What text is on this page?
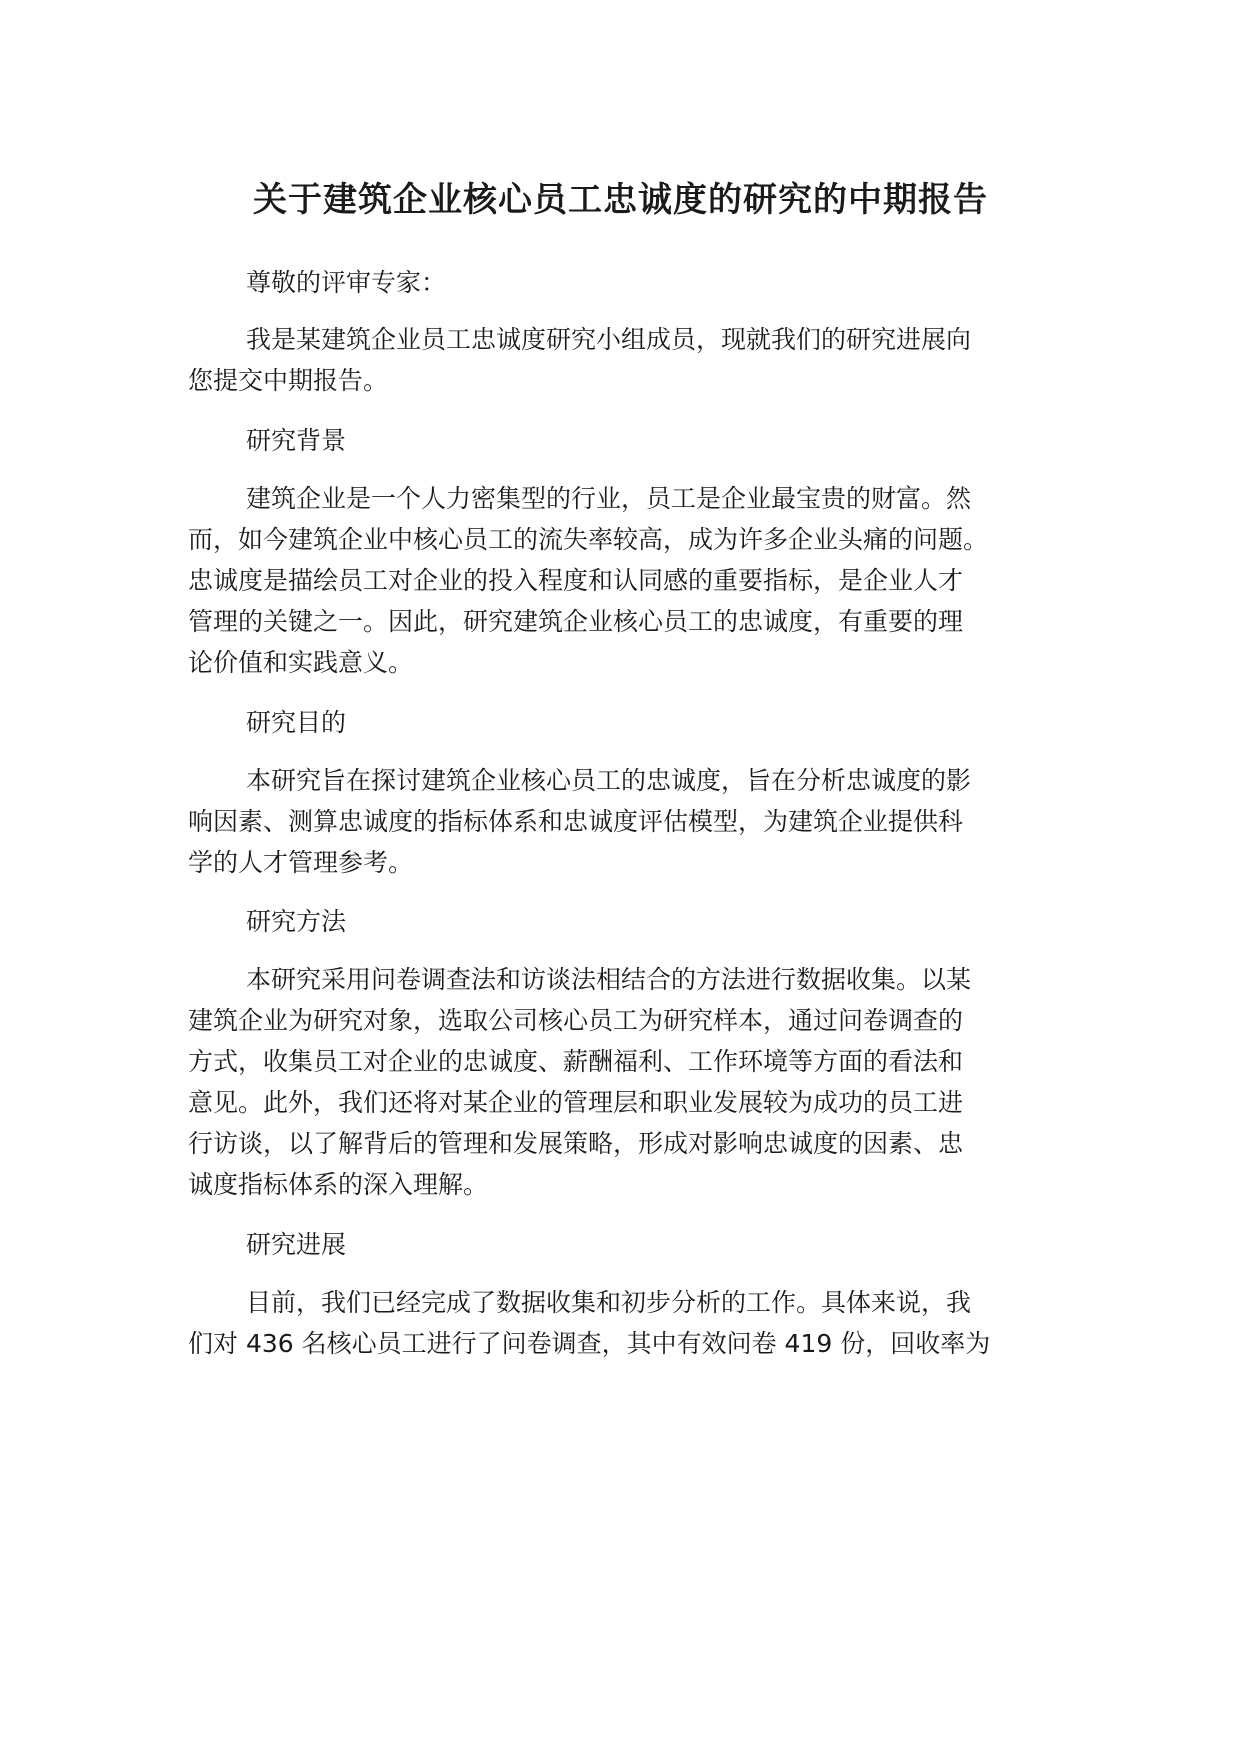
关于建筑企业核心员工忠诚度的研究的中期报告

尊敬的评审专家：

我是某建筑企业员工忠诚度研究小组成员，现就我们的研究进展向

您提交中期报告。

研究背景

建筑企业是一个人力密集型的行业，员工是企业最宝贵的财富。然

而，如今建筑企业中核心员工的流失率较高，成为许多企业头痛的问题。

忠诚度是描绘员工对企业的投入程度和认同感的重要指标，是企业人才

管理的关键之一。因此，研究建筑企业核心员工的忠诚度，有重要的理

论价值和实践意义。

研究目的

本研究旨在探讨建筑企业核心员工的忠诚度，旨在分析忠诚度的影

响因素、测算忠诚度的指标体系和忠诚度评估模型，为建筑企业提供科

学的人才管理参考。

研究方法

本研究采用问卷调查法和访谈法相结合的方法进行数据收集。以某

建筑企业为研究对象，选取公司核心员工为研究样本，通过问卷调查的

方式，收集员工对企业的忠诚度、薪酬福利、工作环境等方面的看法和

意见。此外，我们还将对某企业的管理层和职业发展较为成功的员工进

行访谈，以了解背后的管理和发展策略，形成对影响忠诚度的因素、忠

诚度指标体系的深入理解。

研究进展

目前，我们已经完成了数据收集和初步分析的工作。具体来说，我

们对 436 名核心员工进行了问卷调查，其中有效问卷 419 份，回收率为
